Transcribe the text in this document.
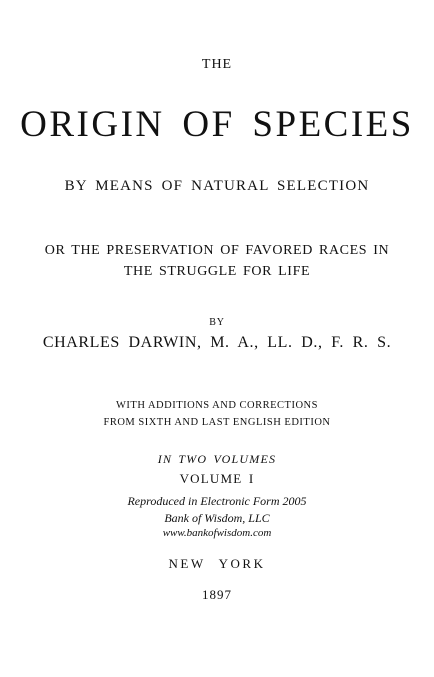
THE
ORIGIN OF SPECIES
BY MEANS OF NATURAL SELECTION
OR THE PRESERVATION OF FAVORED RACES IN
THE STRUGGLE FOR LIFE
BY
CHARLES DARWIN, M. A., LL. D., F. R. S.
WITH ADDITIONS AND CORRECTIONS
FROM SIXTH AND LAST ENGLISH EDITION
IN TWO VOLUMES
VOLUME I
Reproduced in Electronic Form 2005
Bank of Wisdom, LLC
www.bankofwisdom.com
NEW YORK
1897
